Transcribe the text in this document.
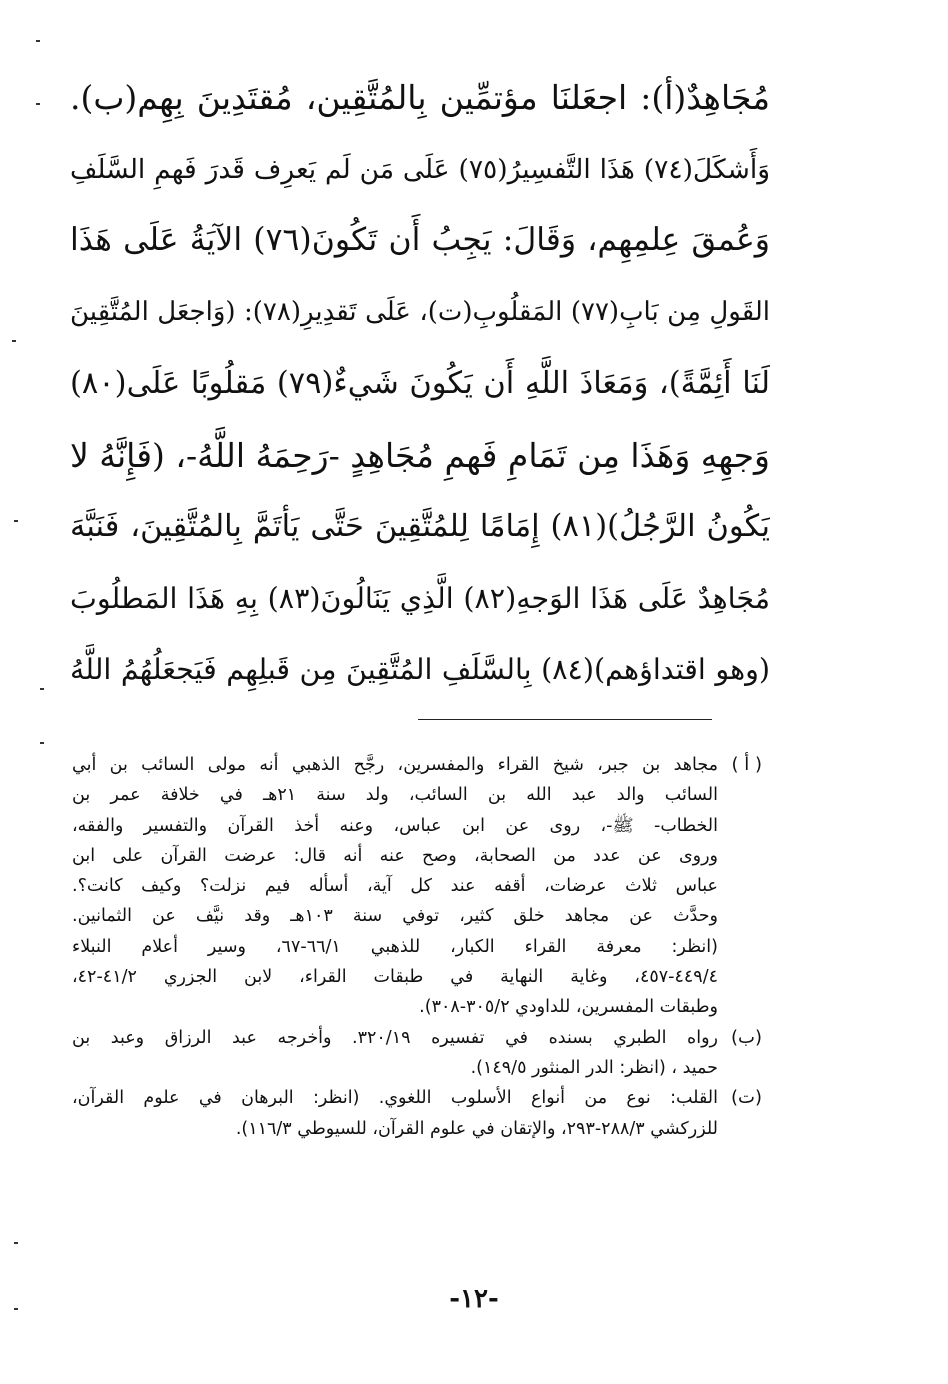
مُجَاهِدٌ(أ): اجعَلنَا مؤتمِّين بِالمُتَّقِين، مُقتَدِينَ بِهِم(ب).
وَأَشكَلَ(٧٤) هَذَا التَّفسِيرُ(٧٥) عَلَى مَن لَم يَعرِف قَدرَ فَهمِ السَّلَفِ
وَعُمقَ عِلمِهِم، وَقَالَ: يَجِبُ أَن تَكُونَ(٧٦) الآيَةُ عَلَى هَذَا
القَولِ مِن بَابِ(٧٧) المَقلُوبِ(ت)، عَلَى تَقدِيرِ(٧٨): (وَاجعَل المُتَّقِينَ
لَنَا أَئِمَّةً)، وَمَعَاذَ اللَّهِ أَن يَكُونَ شَيءٌ(٧٩) مَقلُوبًا عَلَى(٨٠)
وَجهِهِ وَهَذَا مِن تَمَامِ فَهمِ مُجَاهِدٍ -رَحِمَهُ اللَّهُ-، (فَإِنَّهُ لا
يَكُونُ الرَّجُلُ)(٨١) إِمَامًا لِلمُتَّقِينَ حَتَّى يَأتَمَّ بِالمُتَّقِينَ، فَنَبَّهَ
مُجَاهِدٌ عَلَى هَذَا الوَجهِ(٨٢) الَّذِي يَنَالُونَ(٨٣) بِهِ هَذَا المَطلُوبَ
(وهو اقتداؤهم)(٨٤) بِالسَّلَفِ المُتَّقِينَ مِن قَبلِهِم فَيَجعَلُهُمُ اللَّهُ
( أ )
مجاهد بن جبر، شيخ القراء والمفسرين، رجَّح الذهبي أنه مولى السائب بن أبي
السائب والد عبد الله بن السائب، ولد سنة ٢١هـ في خلافة عمر بن
الخطاب- ﷺ-، روى عن ابن عباس، وعنه أخذ القرآن والتفسير والفقه،
وروى عن عدد من الصحابة، وصح عنه أنه قال: عرضت القرآن على ابن
عباس ثلاث عرضات، أقفه عند كل آية، أسأله فيم نزلت؟ وكيف كانت؟.
وحدَّث عن مجاهد خلق كثير، توفي سنة ١٠٣هـ وقد نيَّف عن الثمانين.
(انظر: معرفة القراء الكبار، للذهبي ٦٦/١-٦٧، وسير أعلام النبلاء
٤٤٩/٤-٤٥٧، وغاية النهاية في طبقات القراء، لابن الجزري ٤١/٢-٤٢،
وطبقات المفسرين، للداودي ٣٠٥/٢-٣٠٨).
(ب)
رواه الطبري بسنده في تفسيره ٣٢٠/١٩. وأخرجه عبد الرزاق وعبد بن
حميد ، (انظر: الدر المنثور ١٤٩/٥).
(ت)
القلب: نوع من أنواع الأسلوب اللغوي. (انظر: البرهان في علوم القرآن،
للزركشي ٢٨٨/٣-٢٩٣، والإتقان في علوم القرآن، للسيوطي ١١٦/٣).
-١٢-
